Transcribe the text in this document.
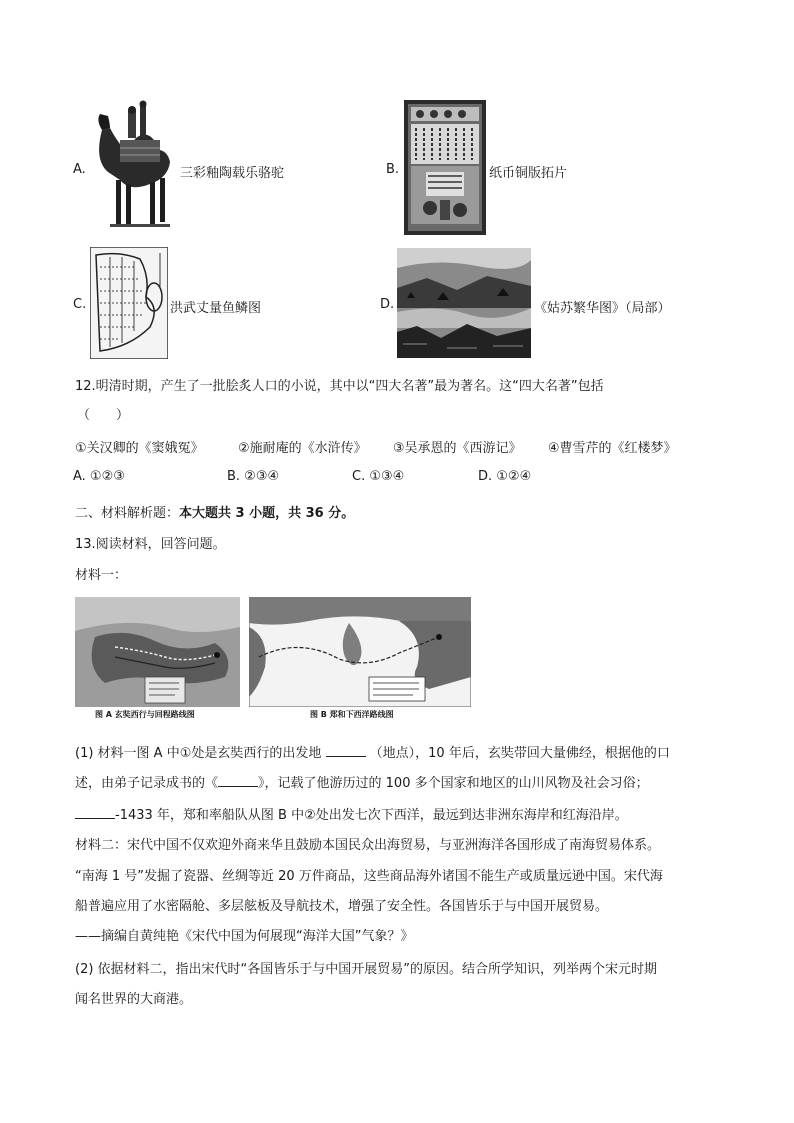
A.	三彩釉陶载乐骆驼	B.	纸币铜版拓片
C.	洪武丈量鱼鳞图	D.	《姑苏繁华图》（局部）
12.明清时期，产生了一批脍炙人口的小说，其中以“四大名著”最为著名。这“四大名著”包括
（　　）
①关汉卿的《窦娥冤》	②施耐庵的《水浒传》 ③吴承恩的《西游记》 ④曹雪芹的《红楼梦》
A. ①②③	B. ②③④	C. ①③④	D. ①②④
二、材料解析题：本大题共 3 小题，共 36 分。
13.阅读材料，回答问题。
材料一：
图 A 玄奘西行与回程路线图	图 B 郑和下西洋路线图
(1) 材料一图 A 中①处是玄奘西行的出发地	（地点），10 年后，玄奘带回大量佛经，根据他的口
述，由弟子记录成书的《	》，记载了他游历过的 100 多个国家和地区的山川风物及社会习俗；
-1433 年，郑和率船队从图 B 中②处出发七次下西洋，最远到达非洲东海岸和红海沿岸。
材料二：宋代中国不仅欢迎外商来华且鼓励本国民众出海贸易，与亚洲海洋各国形成了南海贸易体系。
“南海 1 号”发掘了瓷器、丝绸等近 20 万件商品，这些商品海外诸国不能生产或质量远逊中国。宋代海
船普遍应用了水密隔舱、多层舷板及导航技术，增强了安全性。各国皆乐于与中国开展贸易。
——摘编自黄纯艳《宋代中国为何展现“海洋大国”气象？》
(2) 依据材料二，指出宋代时“各国皆乐于与中国开展贸易”的原因。结合所学知识，列举两个宋元时期
闻名世界的大商港。
